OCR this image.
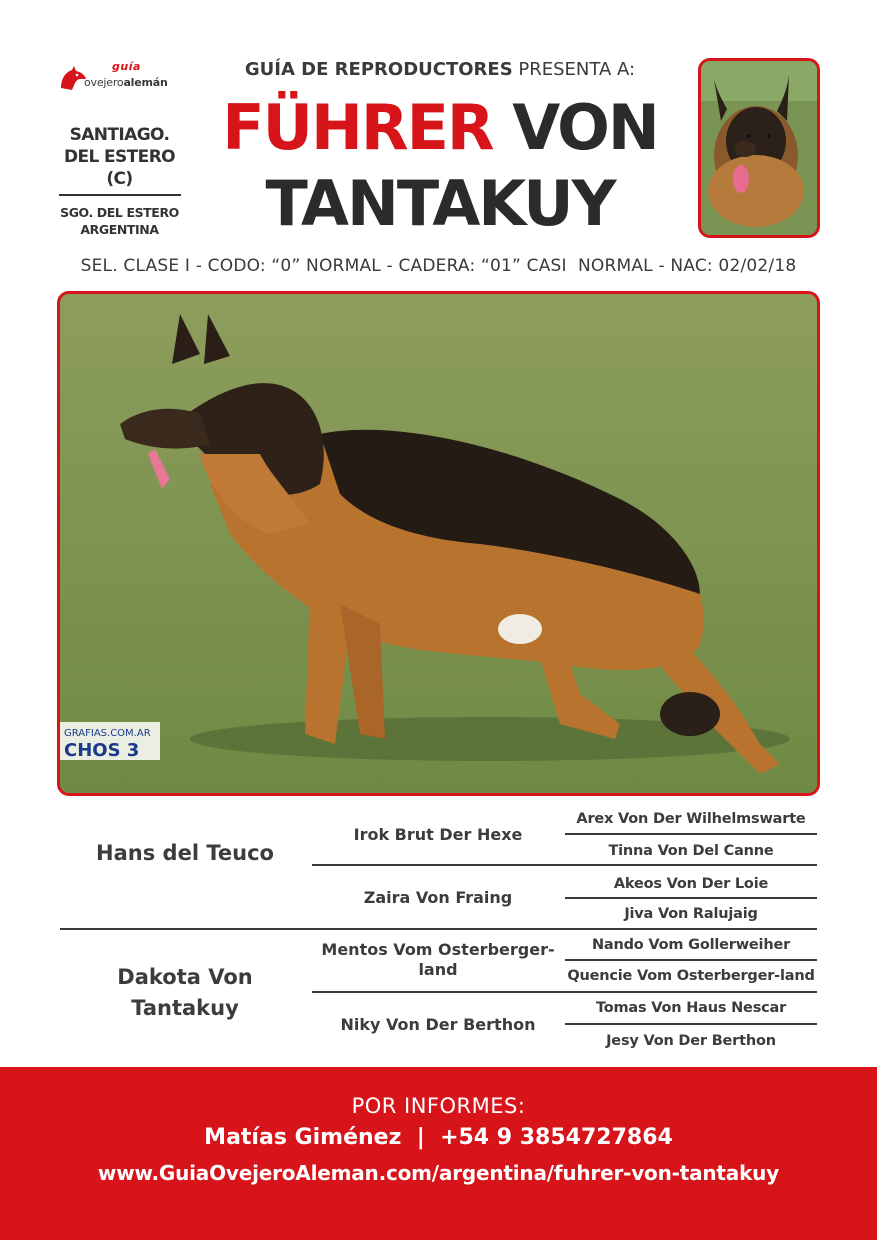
guía
ovejeroalemán
SANTIAGO. DEL ESTERO (C)
SGO. DEL ESTERO ARGENTINA
GUÍA DE REPRODUCTORES PRESENTA A:
FÜHRER VON
TANTAKUY
SEL. CLASE I - CODO: “0” NORMAL - CADERA: “01” CASI  NORMAL - NAC: 02/02/18
GRAFIAS.COM.AR
CHOS 3
Hans del Teuco
Dakota Von Tantakuy
Irok Brut Der Hexe
Zaira Von Fraing
Mentos Vom Osterberger-land
Niky Von Der Berthon
Arex Von Der Wilhelmswarte
Tinna Von Del Canne
Akeos Von Der Loie
Jiva Von Ralujaig
Nando Vom Gollerweiher
Quencie Vom Osterberger-land
Tomas Von Haus Nescar
Jesy Von Der Berthon
POR INFORMES:
Matías Giménez  |  +54 9 3854727864
www.GuiaOvejeroAleman.com/argentina/fuhrer-von-tantakuy
